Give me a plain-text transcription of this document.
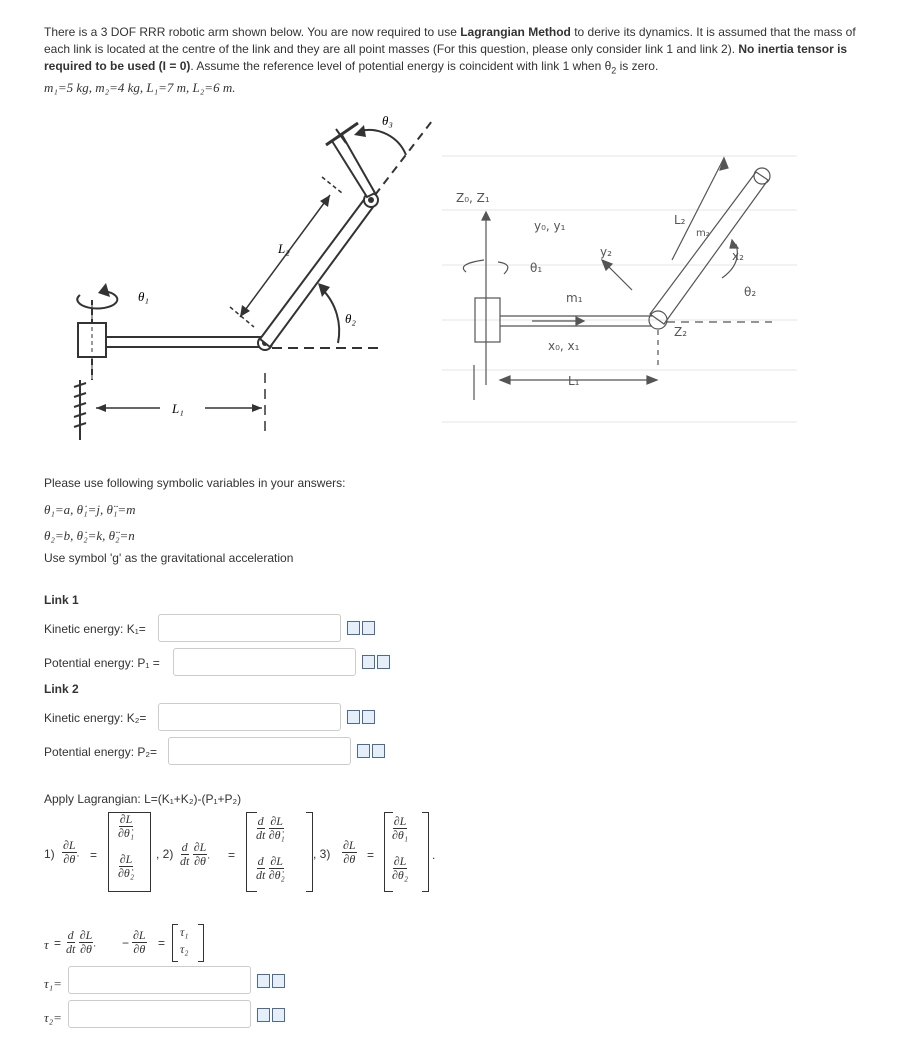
There is a 3 DOF RRR robotic arm shown below. You are now required to use Lagrangian Method to derive its dynamics. It is assumed that the mass of
each link is located at the centre of the link and they are all point masses (For this question, please only consider link 1 and link 2). No inertia tensor is
required to be used (I = 0). Assume the reference level of potential energy is coincident with link 1 when $\theta_2$ is zero.
m₁=5 kg, m₂=4 kg, L₁=7 m, L₂=6 m.
θ₁
θ₃
θ₂
L₂
L₁
Z₀, Z₁
y₀, y₁
θ₁
y₂
m₁
x₀, x₁
L₁
L₂
m₂
x₂
θ₂
Z₂
Please use following symbolic variables in your answers:
θ₁=a, θ̇₁=j, θ̈₁=m
θ₂=b, θ̇₂=k, θ̈₂=n
Use symbol 'g' as the gravitational acceleration
Link 1
Kinetic energy: K₁=
Potential energy: P₁ =
Link 2
Kinetic energy: K₂=
Potential energy: P₂=
Apply Lagrangian: L=(K₁+K₂)-(P₁+P₂)
$1) \frac{\partial L}{\partial\thetȧ}$ =
$\frac{\partial L}{\text{∂θ̇₁}}$
$\frac{\partial L}{\text{∂θ̇₂}}$ , $2) \frac{d}{dt}$
$\frac{\partial L}{\partial\thetȧ}$ =
$\frac{d}{dt}$
$\frac{\partial L}{\text{∂θ̇₁}}$
$\frac{d}{dt}$
$\frac{\partial L}{\text{∂θ̇₂}}$
, $3) \frac{\partial L}{\partial\theta}$ =
$\frac{\partial L}{\text{∂θ₁}}$
$\frac{\partial L}{\text{∂θ₂}}$ .
$\tau = \frac{d}{dt}$
$\frac{\partial L}{\partial\thetȧ} - \frac{\partial L}{\partial\theta}$ =
τ₁
τ₂
τ₁=
τ₂=
